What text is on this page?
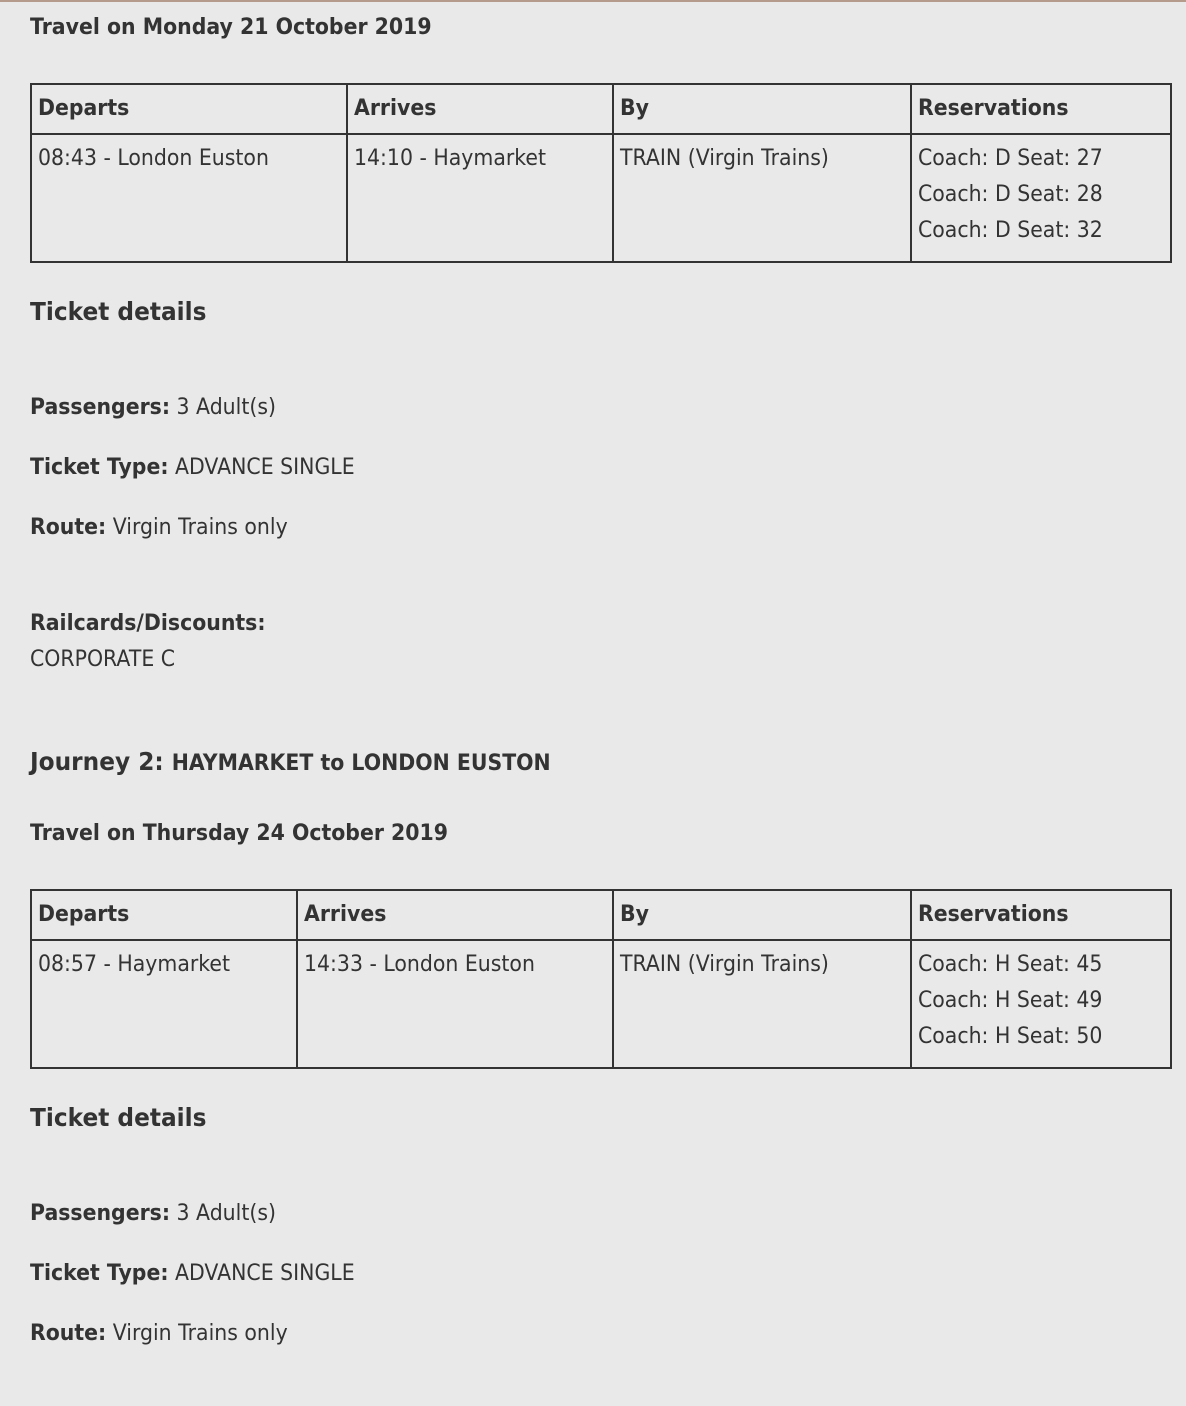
Travel on Monday 21 October 2019
Departs	Arrives	By	Reservations
08:43 - London Euston	14:10 - Haymarket	TRAIN (Virgin Trains)	Coach: D Seat: 27
Coach: D Seat: 28
Coach: D Seat: 32
Ticket details
Passengers: 3 Adult(s)
Ticket Type: ADVANCE SINGLE
Route: Virgin Trains only
Railcards/Discounts:
CORPORATE C
Journey 2: HAYMARKET to LONDON EUSTON
Travel on Thursday 24 October 2019
Departs	Arrives	By	Reservations
08:57 - Haymarket	14:33 - London Euston	TRAIN (Virgin Trains)	Coach: H Seat: 45
Coach: H Seat: 49
Coach: H Seat: 50
Ticket details
Passengers: 3 Adult(s)
Ticket Type: ADVANCE SINGLE
Route: Virgin Trains only
